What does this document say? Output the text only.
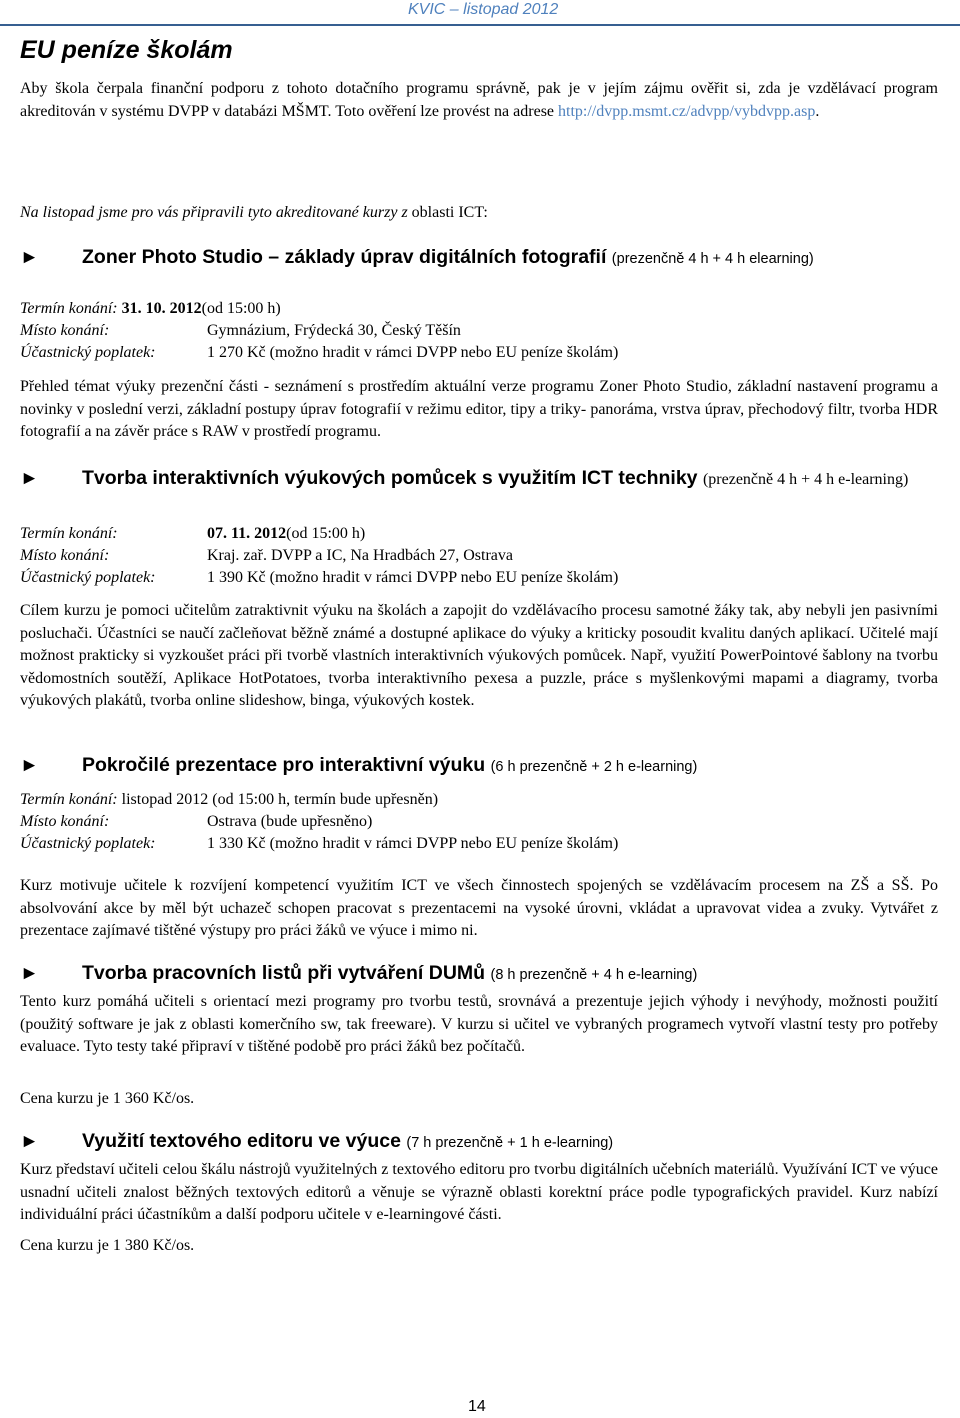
KVIC – listopad 2012
EU peníze školám

Aby škola čerpala finanční podporu z tohoto dotačního programu správně, pak je v jejím zájmu ověřit si, zda je vzdělávací program akreditován v systému DVPP v databázi MŠMT. Toto ověření lze provést na adrese http://dvpp.msmt.cz/advpp/vybdvpp.asp.

Na listopad jsme pro vás připravili tyto akreditované kurzy z oblasti ICT:

► Zoner Photo Studio – základy úprav digitálních fotografií (prezenčně 4 h + 4 h elearning)

Termín konání: 31. 10. 2012 (od 15:00 h)
Místo konání:	Gymnázium, Frýdecká 30, Český Těšín
Účastnický poplatek:	1 270 Kč (možno hradit v rámci DVPP nebo EU peníze školám)

Přehled témat výuky prezenční části - seznámení s prostředím aktuální verze programu Zoner Photo Studio, základní nastavení programu a novinky v poslední verzi, základní postupy úprav fotografií v režimu editor, tipy a triky- panoráma, vrstva úprav, přechodový filtr, tvorba HDR fotografií a na závěr práce s RAW v prostředí programu.

► Tvorba interaktivních výukových pomůcek s využitím ICT techniky (prezenčně 4 h + 4 h e-learning)

Termín konání:	07. 11. 2012 (od 15:00 h)
Místo konání:	Kraj. zař. DVPP a IC, Na Hradbách 27, Ostrava
Účastnický poplatek:	1 390 Kč (možno hradit v rámci DVPP nebo EU peníze školám)

Cílem kurzu je pomoci učitelům zatraktivnit výuku na školách a zapojit do vzdělávacího procesu samotné žáky tak, aby nebyli jen pasivními posluchači. Účastníci se naučí začleňovat běžně známé a dostupné aplikace do výuky a kriticky posoudit kvalitu daných aplikací. Učitelé mají možnost prakticky si vyzkoušet práci při tvorbě vlastních interaktivních výukových pomůcek. Např, využití PowerPointové šablony na tvorbu vědomostních soutěží, Aplikace HotPotatoes, tvorba interaktivního pexesa a puzzle, práce s myšlenkovými mapami a diagramy, tvorba výukových plakátů, tvorba online slideshow, binga, výukových kostek.

► Pokročilé prezentace pro interaktivní výuku (6 h prezenčně + 2 h e-learning)

Termín konání: listopad 2012 (od 15:00 h, termín bude upřesněn)
Místo konání:	Ostrava (bude upřesněno)
Účastnický poplatek:	1 330 Kč (možno hradit v rámci DVPP nebo EU peníze školám)

Kurz motivuje učitele k rozvíjení kompetencí využitím ICT ve všech činnostech spojených se vzdělávacím procesem na ZŠ a SŠ. Po absolvování akce by měl být uchazeč schopen pracovat s prezentacemi na vysoké úrovni, vkládat a upravovat videa a zvuky. Vytvářet z prezentace zajímavé tištěné výstupy pro práci žáků ve výuce i mimo ni.

► Tvorba pracovních listů při vytváření DUMů (8 h prezenčně + 4 h e-learning)

Tento kurz pomáhá učiteli s orientací mezi programy pro tvorbu testů, srovnává a prezentuje jejich výhody i nevýhody, možnosti použití (použitý software je jak z oblasti komerčního sw, tak freeware). V kurzu si učitel ve vybraných programech vytvoří vlastní testy pro potřeby evaluace. Tyto testy také připraví v tištěné podobě pro práci žáků bez počítačů.

Cena kurzu je 1 360 Kč/os.

► Využití textového editoru ve výuce (7 h prezenčně + 1 h e-learning)

Kurz představí učiteli celou škálu nástrojů využitelných z textového editoru pro tvorbu digitálních učebních materiálů. Využívání ICT ve výuce usnadní učiteli znalost běžných textových editorů a věnuje se výrazně oblasti korektní práce podle typografických pravidel. Kurz nabízí individuální práci účastníkům a další podporu učitele v e-learningové části.

Cena kurzu je 1 380 Kč/os.

14
